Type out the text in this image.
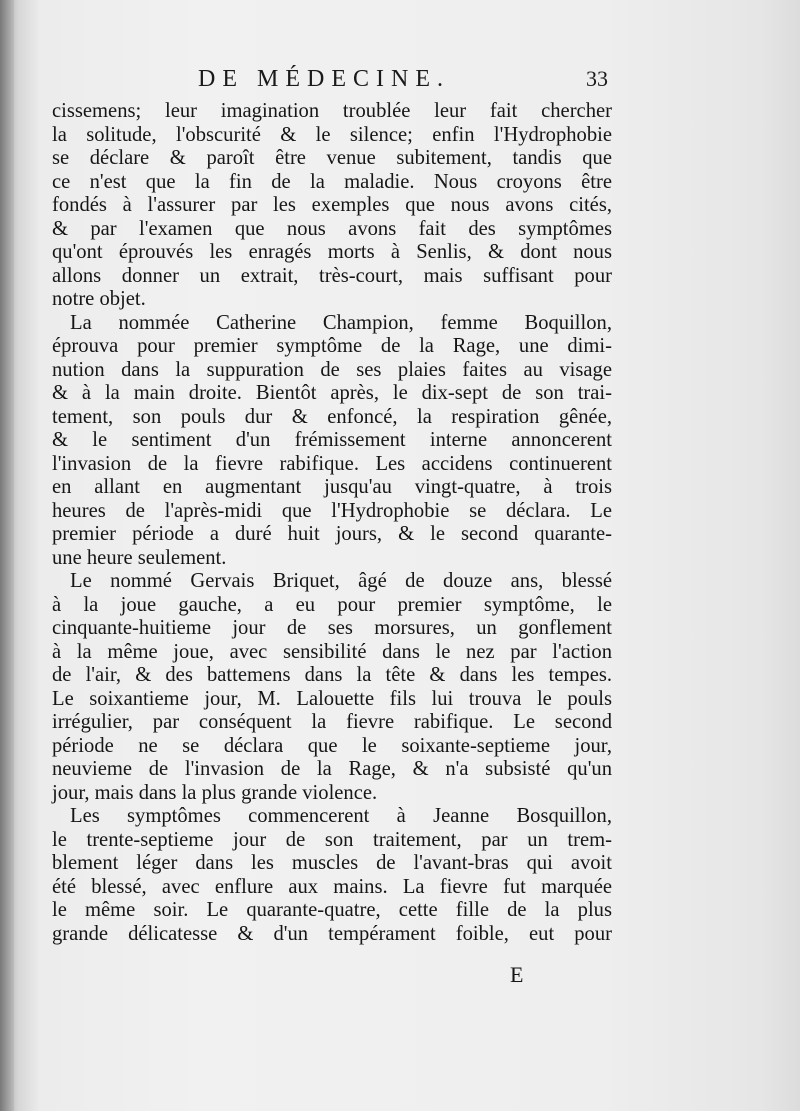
DE MÉDECINE.	33
cissemens; leur imagination troublée leur fait chercher
la solitude, l'obscurité & le silence; enfin l'Hydrophobie
se déclare & paroît être venue subitement, tandis que
ce n'est que la fin de la maladie. Nous croyons être
fondés à l'assurer par les exemples que nous avons cités,
& par l'examen que nous avons fait des symptômes
qu'ont éprouvés les enragés morts à Senlis, & dont nous
allons donner un extrait, très-court, mais suffisant pour
notre objet.
La nommée Catherine Champion, femme Boquillon,
éprouva pour premier symptôme de la Rage, une dimi-
nution dans la suppuration de ses plaies faites au visage
& à la main droite. Bientôt après, le dix-sept de son trai-
tement, son pouls dur & enfoncé, la respiration gênée,
& le sentiment d'un frémissement interne annoncerent
l'invasion de la fievre rabifique. Les accidens continuerent
en allant en augmentant jusqu'au vingt-quatre, à trois
heures de l'après-midi que l'Hydrophobie se déclara. Le
premier période a duré huit jours, & le second quarante-
une heure seulement.
Le nommé Gervais Briquet, âgé de douze ans, blessé
à la joue gauche, a eu pour premier symptôme, le
cinquante-huitieme jour de ses morsures, un gonflement
à la même joue, avec sensibilité dans le nez par l'action
de l'air, & des battemens dans la tête & dans les tempes.
Le soixantieme jour, M. Lalouette fils lui trouva le pouls
irrégulier, par conséquent la fievre rabifique. Le second
période ne se déclara que le soixante-septieme jour,
neuvieme de l'invasion de la Rage, & n'a subsisté qu'un
jour, mais dans la plus grande violence.
Les symptômes commencerent à Jeanne Bosquillon,
le trente-septieme jour de son traitement, par un trem-
blement léger dans les muscles de l'avant-bras qui avoit
été blessé, avec enflure aux mains. La fievre fut marquée
le même soir. Le quarante-quatre, cette fille de la plus
grande délicatesse & d'un tempérament foible, eut pour
E
